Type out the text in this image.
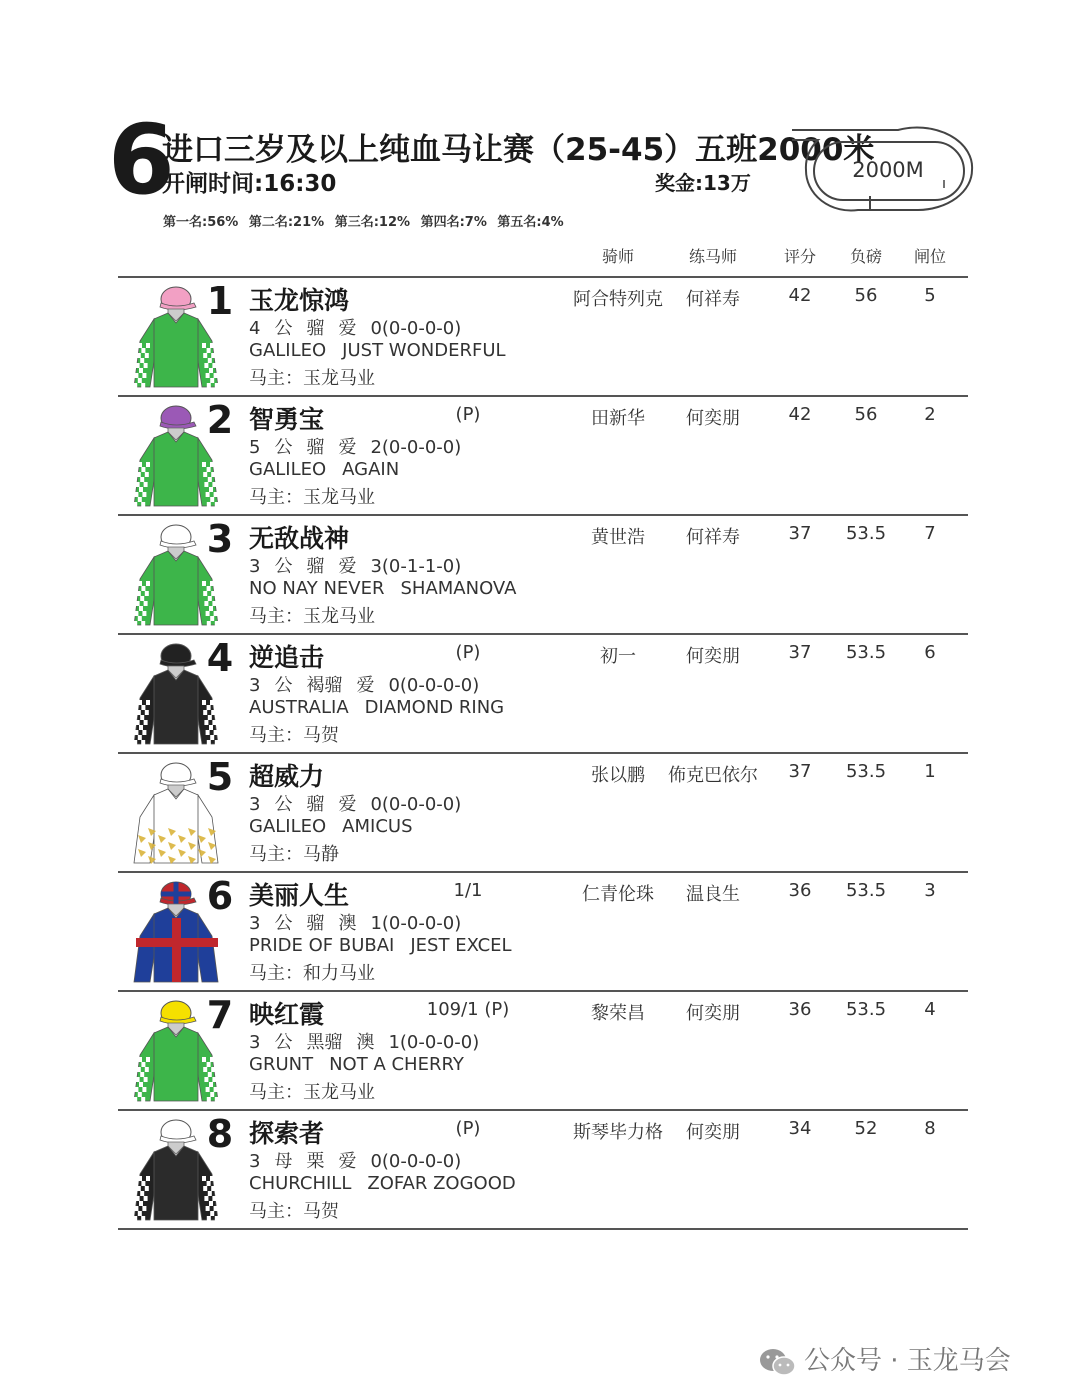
6
进口三岁及以上纯血马让赛（25-45）五班2000米
开闸时间:16:30	奖金:13万
2000M
第一名:56% 第二名:21% 第三名:12% 第四名:7% 第五名:4%
骑师	练马师	评分 负磅 闸位
1 玉龙惊鸿
4 公 骝 爱 0(0-0-0-0)
GALILEO JUST WONDERFUL
马主：玉龙马业
阿合特列克	何祥寿	42	56	5
2 智勇宝	(P)
5 公 骝 爱 2(0-0-0-0)
GALILEO AGAIN
马主：玉龙马业
田新华	何奕朋	42	56	2
3 无敌战神
3 公 骝 爱 3(0-1-1-0)
NO NAY NEVER SHAMANOVA
马主：玉龙马业
黄世浩	何祥寿	37	53.5	7
4 逆追击	(P)
3 公 褐骝 爱 0(0-0-0-0)
AUSTRALIA DIAMOND RING
马主：马贺
初一	何奕朋	37	53.5	6
5 超威力
3 公 骝 爱 0(0-0-0-0)
GALILEO AMICUS
马主：马静
张以鹏	佈克巴依尔	37	53.5	1
6 美丽人生	1/1
3 公 骝 澳 1(0-0-0-0)
PRIDE OF BUBAI JEST EXCEL
马主：和力马业
仁青伦珠	温良生	36	53.5	3
7 映红霞	109/1 (P)
3 公 黑骝 澳 1(0-0-0-0)
GRUNT NOT A CHERRY
马主：玉龙马业
黎荣昌	何奕朋	36	53.5	4
8 探索者	(P)
3 母 栗 爱 0(0-0-0-0)
CHURCHILL ZOFAR ZOGOOD
马主：马贺
斯琴毕力格	何奕朋	34	52	8
公众号 · 玉龙马会
